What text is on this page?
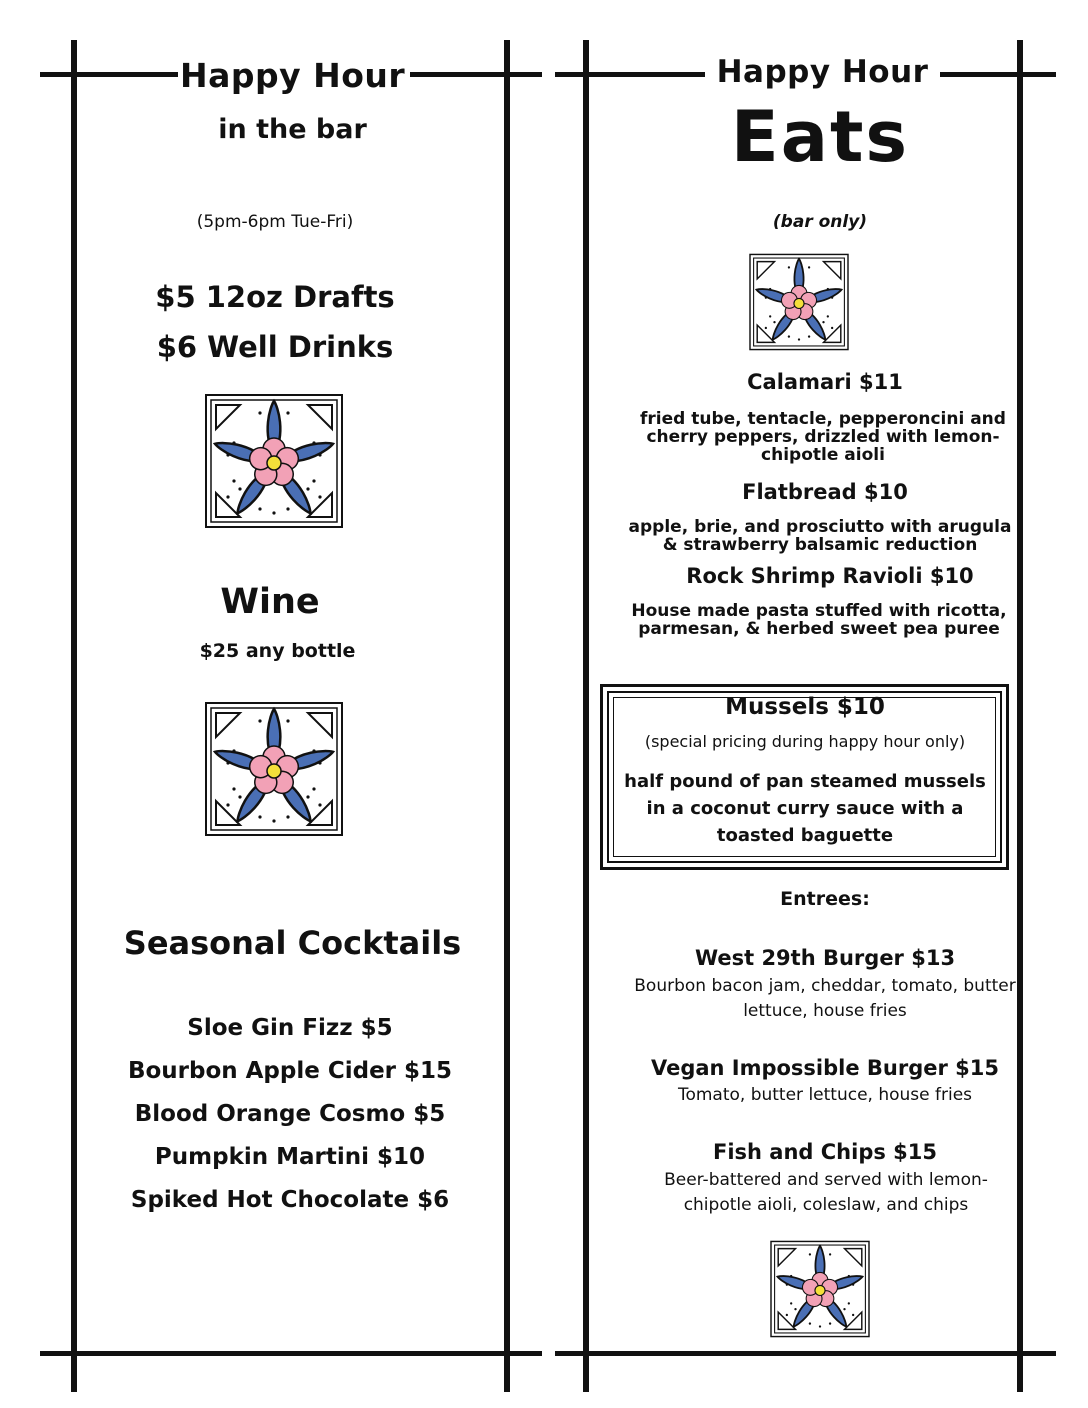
Happy Hour
in the bar
(5pm-6pm Tue-Fri)
$5 12oz Drafts
$6 Well Drinks
Wine
$25 any bottle
Seasonal Cocktails
Sloe Gin Fizz $5
Bourbon Apple Cider $15
Blood Orange Cosmo $5
Pumpkin Martini $10
Spiked Hot Chocolate $6
Happy Hour
Eats
(bar only)
Calamari $11
fried tube, tentacle, pepperoncini and cherry peppers, drizzled with lemon-chipotle aioli
Flatbread $10
apple, brie, and prosciutto with arugula & strawberry balsamic reduction
Rock Shrimp Ravioli $10
House made pasta stuffed with ricotta, parmesan, & herbed sweet pea puree
Mussels $10
(special pricing during happy hour only)
half pound of pan steamed mussels in a coconut curry sauce with a toasted baguette
Entrees:
West 29th Burger $13
Bourbon bacon jam, cheddar, tomato, butter lettuce, house fries
Vegan Impossible Burger $15
Tomato, butter lettuce, house fries
Fish and Chips $15
Beer-battered and served with lemon-chipotle aioli, coleslaw, and chips
